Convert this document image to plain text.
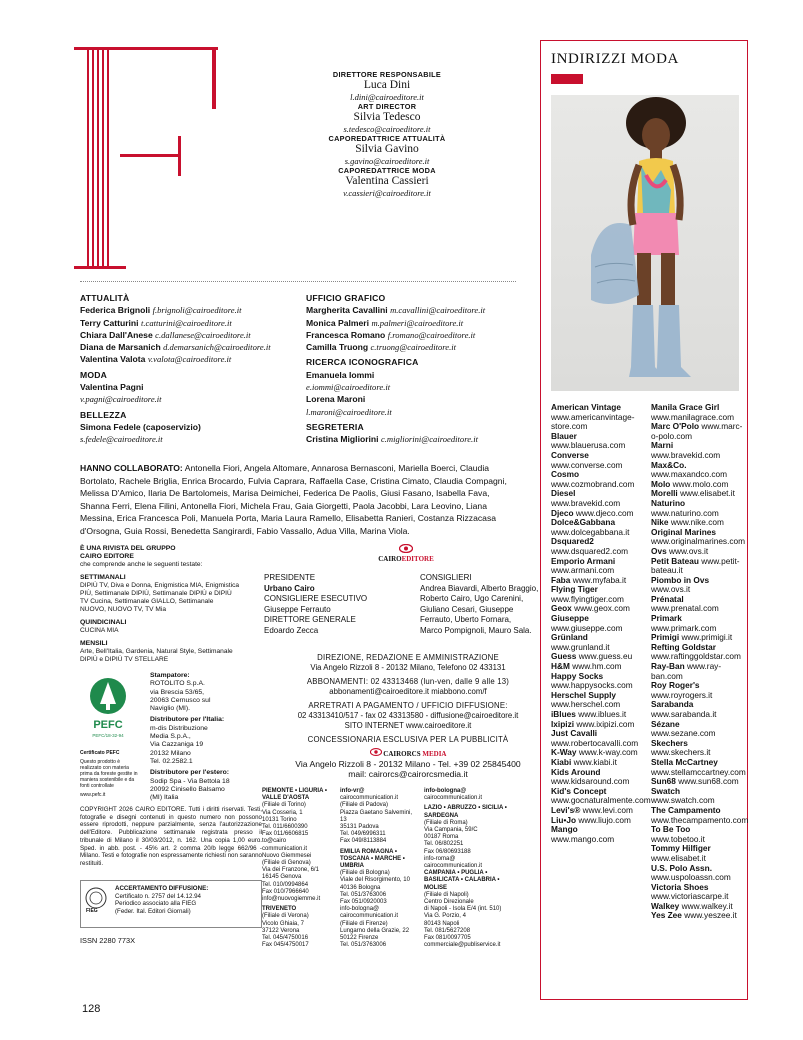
DIRETTORE RESPONSABILE
Luca Dini
l.dini@cairoeditore.it
ART DIRECTOR
Silvia Tedesco
s.tedesco@cairoeditore.it
CAPOREDATTRICE ATTUALITÀ
Silvia Gavino
s.gavino@cairoeditore.it
CAPOREDATTRICE MODA
Valentina Cassieri
v.cassieri@cairoeditore.it
ATTUALITÀ
Federica Brignoli f.brignoli@cairoeditore.it
Terry Catturini t.catturini@cairoeditore.it
Chiara Dall'Anese c.dallanese@cairoeditore.it
Diana de Marsanich d.demarsanich@cairoeditore.it
Valentina Valota v.valota@cairoeditore.it
MODA
Valentina Pagni
v.pagni@cairoeditore.it
BELLEZZA
Simona Fedele (caposervizio)
s.fedele@cairoeditore.it
UFFICIO GRAFICO
Margherita Cavallini m.cavallini@cairoeditore.it
Monica Palmeri m.palmeri@cairoeditore.it
Francesca Romano f.romano@cairoeditore.it
Camilla Truong c.truong@cairoeditore.it
RICERCA ICONOGRAFICA
Emanuela Iommi
e.iommi@cairoeditore.it
Lorena Maroni
l.maroni@cairoeditore.it
SEGRETERIA
Cristina Migliorini c.migliorini@cairoeditore.it
HANNO COLLABORATO: Antonella Fiori, Angela Altomare, Annarosa Bernasconi, Mariella Boerci, Claudia Bortolato, Rachele Briglia, Enrica Brocardo, Fulvia Caprara, Raffaella Case, Cristina Cimato, Claudia Compagni, Melissa D'Amico, Ilaria De Bartolomeis, Marisa Deimichei, Federica De Paolis, Giusi Fasano, Isabella Fava, Shanna Ferri, Elena Filini, Antonella Fiori, Michela Frau, Gaia Giorgetti, Paola Jacobbi, Lara Leovino, Liana Messina, Erica Francesca Poli, Manuela Porta, Maria Laura Ramello, Elisabetta Ranieri, Costanza Rizzacasa d'Orsogna, Guia Rossi, Benedetta Sangirardi, Fabio Vassallo, Adua Villa, Marina Viola.
È UNA RIVISTA DEL GRUPPO
CAIRO EDITORE
che comprende anche le seguenti testate:
SETTIMANALI
DIPIÙ TV, Diva e Donna, Enigmistica MIA, Enigmistica PIÙ, Settimanale DIPIÙ, Settimanale DIPIÙ e DIPIÙ TV Cucina, Settimanale GIALLO, Settimanale NUOVO, NUOVO TV, TV Mia
QUINDICINALI
CUCINA MIA
MENSILI
Arte, Bell'Italia, Gardenia, Natural Style, Settimanale DIPIÙ e DIPIÙ TV STELLARE

CAIROEDITORE
PRESIDENTE
Urbano Cairo
CONSIGLIERE ESECUTIVO
Giuseppe Ferrauto
DIRETTORE GENERALE
Edoardo Zecca
CONSIGLIERI
Andrea Biavardi, Alberto Braggio,
Roberto Cairo, Ugo Carenini,
Giuliano Cesari, Giuseppe
Ferrauto, Uberto Fornara,
Marco Pompignoli, Mauro Sala.
DIREZIONE, REDAZIONE E AMMINISTRAZIONE
Via Angelo Rizzoli 8 - 20132 Milano, Telefono 02 433131
ABBONAMENTI: 02 43313468 (lun-ven, dalle 9 alle 13)
abbonamenti@cairoeditore.it miabbono.com/f
ARRETRATI A PAGAMENTO / UFFICIO DIFFUSIONE:
02 43313410/517 - fax 02 43313580 - diffusione@cairoeditore.it
SITO INTERNET www.cairoeditore.it
CONCESSIONARIA ESCLUSIVA PER LA PUBBLICITÀ
CAIRORCS MEDIA
Via Angelo Rizzoli 8 - 20132 Milano - Tel. +39 02 25845400
mail: cairorcs@cairorcsmedia.it
PEFC
PEFC/18-32-94
Certificato PEFC
Questo prodotto è realizzato con materia prima da foreste gestite in maniera sostenibile e da fonti controllate
www.pefc.it
Stampatore:
ROTOLITO S.p.A.
via Brescia 53/65,
20063 Cernusco sul
Naviglio (MI).
Distributore per l'Italia:
m-dis Distribuzione
Media S.p.A.,
Via Cazzaniga 19
20132 Milano
Tel. 02.2582.1
Distributore per l'estero:
Sodip Spa - Via Bettola 18
20092 Cinisello Balsamo
(MI) Italia
COPYRIGHT 2026 CAIRO EDITORE. Tutti i diritti riservati. Testi, fotografie e disegni contenuti in questo numero non possono essere riprodotti, neppure parzialmente, senza l'autorizzazione dell'Editore. Pubblicazione settimanale registrata presso il tribunale di Milano il 30/03/2012, n. 162. Una copia 1,00 euro. Sped. in abb. post. - 45% art. 2 comma 20/b legge 662/96 - Milano. Testi e fotografie non espressamente richiesti non saranno restituiti.
FIEG
ACCERTAMENTO DIFFUSIONE:
Certificato n. 2757 del 14.12.94
Periodico associato alla FIEG
(Feder. Ital. Editori Giornali)
ISSN 2280 773X
PIEMONTE • LIGURIA • VALLE D'AOSTA
(Filiale di Torino)
Via Cosseria, 1
10131 Torino
Tel. 011/6600390
Fax 011/6606815
to@cairo
communication.it
Nuovo Giemmesei
(Filiale di Genova)
Via dei Franzone, 6/1
16145 Genova
Tel. 010/0994864
Fax 010/7966640
info@nuovogiemme.it
TRIVENETO
(Filiale di Verona)
Vicolo Ghiaia, 7
37122 Verona
Tel. 045/4750016
Fax 045/4750017
info-vr@
cairocommunication.it
(Filiale di Padova)
Piazza Gaetano Salvemini, 13
35131 Padova
Tel. 049/6996311
Fax 049/8113884
EMILIA ROMAGNA • TOSCANA • MARCHE • UMBRIA
(Filiale di Bologna)
Viale del Risorgimento, 10
40136 Bologna
Tel. 051/3763006
Fax 051/0920003
info-bologna@
cairocommunication.it
(Filiale di Firenze)
Lungarno della Grazie, 22
50122 Firenze
Tel. 051/3763006
info-bologna@
cairocommunication.it
LAZIO • ABRUZZO • SICILIA • SARDEGNA
(Filiale di Roma)
Via Campania, 59/C
00187 Roma
Tel. 06/802251
Fax 06/80693188
info-roma@
cairocommunication.it
CAMPANIA • PUGLIA • BASILICATA • CALABRIA • MOLISE
(Filiale di Napoli)
Centro Direzionale
di Napoli - Isola E/4 (int. 510)
Via G. Porzio, 4
80143 Napoli
Tel. 081/5627208
Fax 081/0097705
commerciale@publiservice.it
128
INDIRIZZI MODA
American Vintage www.americanvintage-store.com
Blauer www.blauerusa.com
Converse www.converse.com
Cosmo www.cozmobrand.com
Diesel www.bravekid.com
Djeco www.djeco.com
Dolce&Gabbana www.dolcegabbana.it
Dsquared2 www.dsquared2.com
Emporio Armani www.armani.com
Faba www.myfaba.it
Flying Tiger www.flyingtiger.com
Geox www.geox.com
Giuseppe www.giuseppe.com
Grünland www.grunland.it
Guess www.guess.eu
H&M www.hm.com
Happy Socks www.happysocks.com
Herschel Supply www.herschel.com
iBlues www.iblues.it
Ixipizi www.ixipizi.com
Just Cavalli www.robertocavalli.com
K-Way www.k-way.com
Kiabi www.kiabi.it
Kids Around www.kidsaround.com
Kid's Concept www.gocnaturalmente.com
Levi's® www.levi.com
Liu•Jo www.liujo.com
Mango www.mango.com
Manila Grace Girl www.manilagrace.com
Marc O'Polo www.marc-o-polo.com
Marni www.bravekid.com
Max&Co. www.maxandco.com
Molo www.molo.com
Morelli www.elisabet.it
Naturino www.naturino.com
Nike www.nike.com
Original Marines www.originalmarines.com
Ovs www.ovs.it
Petit Bateau www.petit-bateau.it
Piombo in Ovs www.ovs.it
Prénatal www.prenatal.com
Primark www.primark.com
Primigi www.primigi.it
Refting Goldstar www.raftinggoldstar.com
Ray-Ban www.ray-ban.com
Roy Roger's www.royrogers.it
Sarabanda www.sarabanda.it
Sézane www.sezane.com
Skechers www.skechers.it
Stella McCartney www.stellamccartney.com
Sun68 www.sun68.com
Swatch www.swatch.com
The Campamento www.thecampamento.com
To Be Too www.tobetoo.it
Tommy Hilfiger www.elisabet.it
U.S. Polo Assn. www.uspoloassn.com
Victoria Shoes www.victoriascarpe.it
Walkey www.walkey.it
Yes Zee www.yeszee.it
